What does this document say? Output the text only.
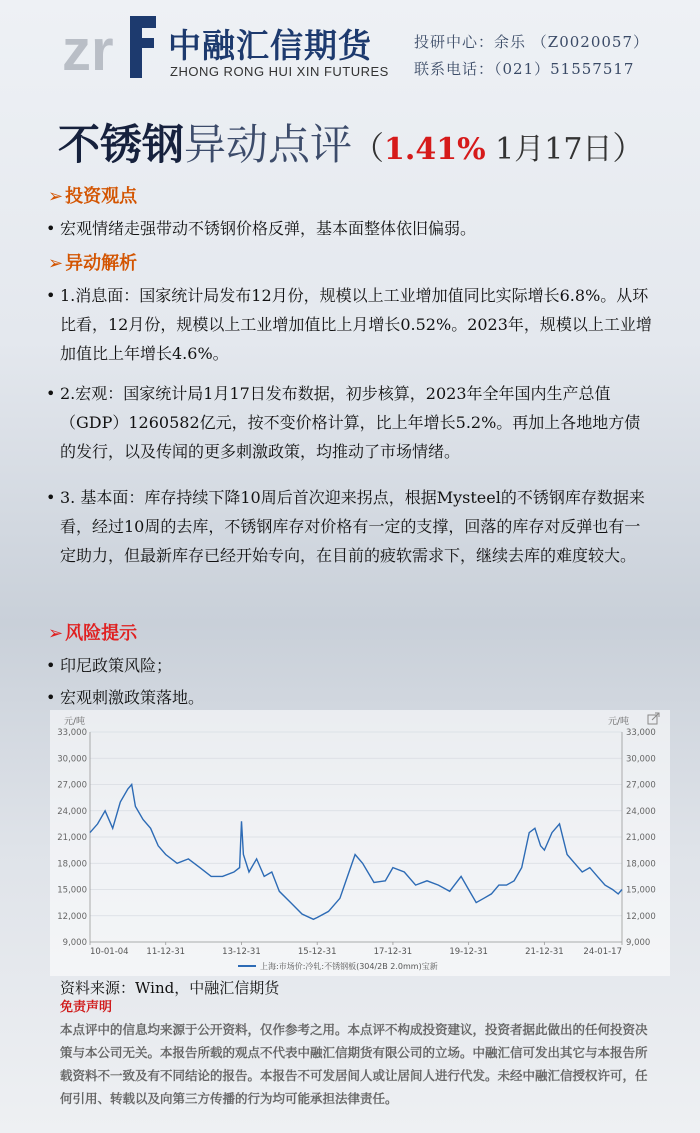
zr 中融汇信期货
ZHONG RONG HUI XIN FUTURES
投研中心：余乐 （Z0020057）
联系电话：（021）51557517
不锈钢异动点评（1.41% 1月17日）
➢ 投资观点
• 宏观情绪走强带动不锈钢价格反弹，基本面整体依旧偏弱。
➢ 异动解析
• 1.消息面：国家统计局发布12月份，规模以上工业增加值同比实际增长6.8%。从环比看，12月份，规模以上工业增加值比上月增长0.52%。2023年，规模以上工业增加值比上年增长4.6%。
• 2.宏观：国家统计局1月17日发布数据，初步核算，2023年全年国内生产总值（GDP）1260582亿元，按不变价格计算，比上年增长5.2%。再加上各地地方债的发行，以及传闻的更多刺激政策，均推动了市场情绪。
• 3. 基本面：库存持续下降10周后首次迎来拐点，根据Mysteel的不锈钢库存数据来看，经过10周的去库，不锈钢库存对价格有一定的支撑，回落的库存对反弹也有一定助力，但最新库存已经开始专向，在目前的疲软需求下，继续去库的难度较大。
➢ 风险提示
• 印尼政策风险；
• 宏观刺激政策落地。
9,000
12,000
15,000
18,000
21,000
24,000
27,000
30,000
33,000
9,000
12,000
15,000
18,000
21,000
24,000
27,000
30,000
33,000
10-01-04 11-12-31	13-12-31	15-12-31	17-12-31	19-12-31	21-12-31 24-01-17
元/吨	元/吨
上海:市场价:冷轧:不锈钢板(304/2B 2.0mm)宝新
资料来源：Wind，中融汇信期货
免责声明
本点评中的信息均来源于公开资料，仅作参考之用。本点评不构成投资建议，投资者据此做出的任何投资决策与本公司无关。本报告所载的观点不代表中融汇信期货有限公司的立场。中融汇信可发出其它与本报告所载资料不一致及有不同结论的报告。本报告不可发居间人或让居间人进行代发。未经中融汇信授权许可，任何引用、转载以及向第三方传播的行为均可能承担法律责任。
